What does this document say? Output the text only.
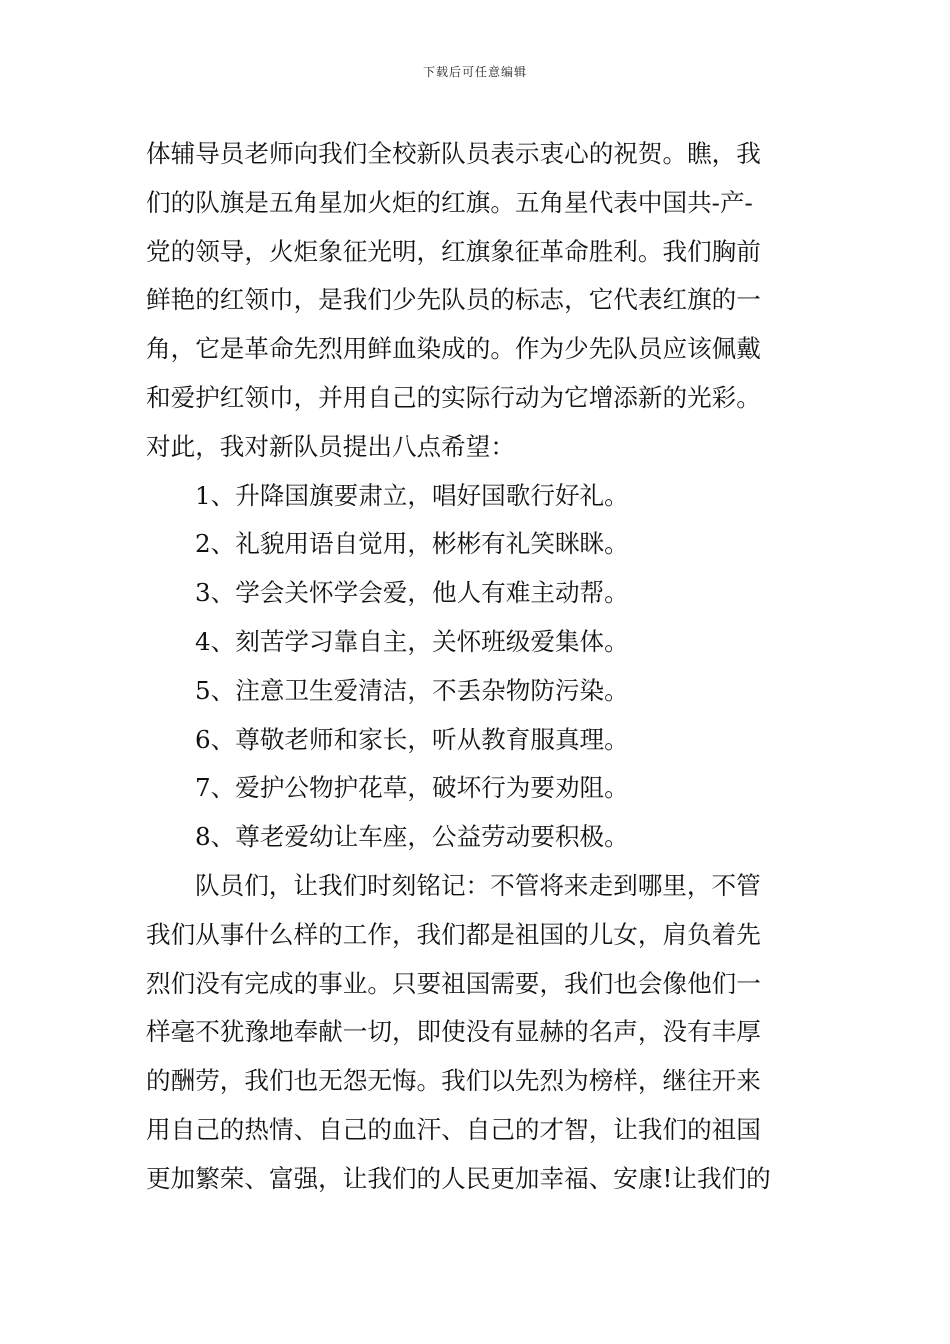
下载后可任意编辑

体辅导员老师向我们全校新队员表示衷心的祝贺。瞧，我

们的队旗是五角星加火炬的红旗。五角星代表中国共-产-

党的领导，火炬象征光明，红旗象征革命胜利。我们胸前

鲜艳的红领巾，是我们少先队员的标志，它代表红旗的一

角，它是革命先烈用鲜血染成的。作为少先队员应该佩戴

和爱护红领巾，并用自己的实际行动为它增添新的光彩。

对此，我对新队员提出八点希望：

1、升降国旗要肃立，唱好国歌行好礼。

2、礼貌用语自觉用，彬彬有礼笑眯眯。

3、学会关怀学会爱，他人有难主动帮。

4、刻苦学习靠自主，关怀班级爱集体。

5、注意卫生爱清洁，不丢杂物防污染。

6、尊敬老师和家长，听从教育服真理。

7、爱护公物护花草，破坏行为要劝阻。

8、尊老爱幼让车座，公益劳动要积极。

队员们，让我们时刻铭记：不管将来走到哪里，不管

我们从事什么样的工作，我们都是祖国的儿女，肩负着先

烈们没有完成的事业。只要祖国需要，我们也会像他们一

样毫不犹豫地奉献一切，即使没有显赫的名声，没有丰厚

的酬劳，我们也无怨无悔。我们以先烈为榜样，继往开来

用自己的热情、自己的血汗、自己的才智，让我们的祖国

更加繁荣、富强，让我们的人民更加幸福、安康!让我们的
